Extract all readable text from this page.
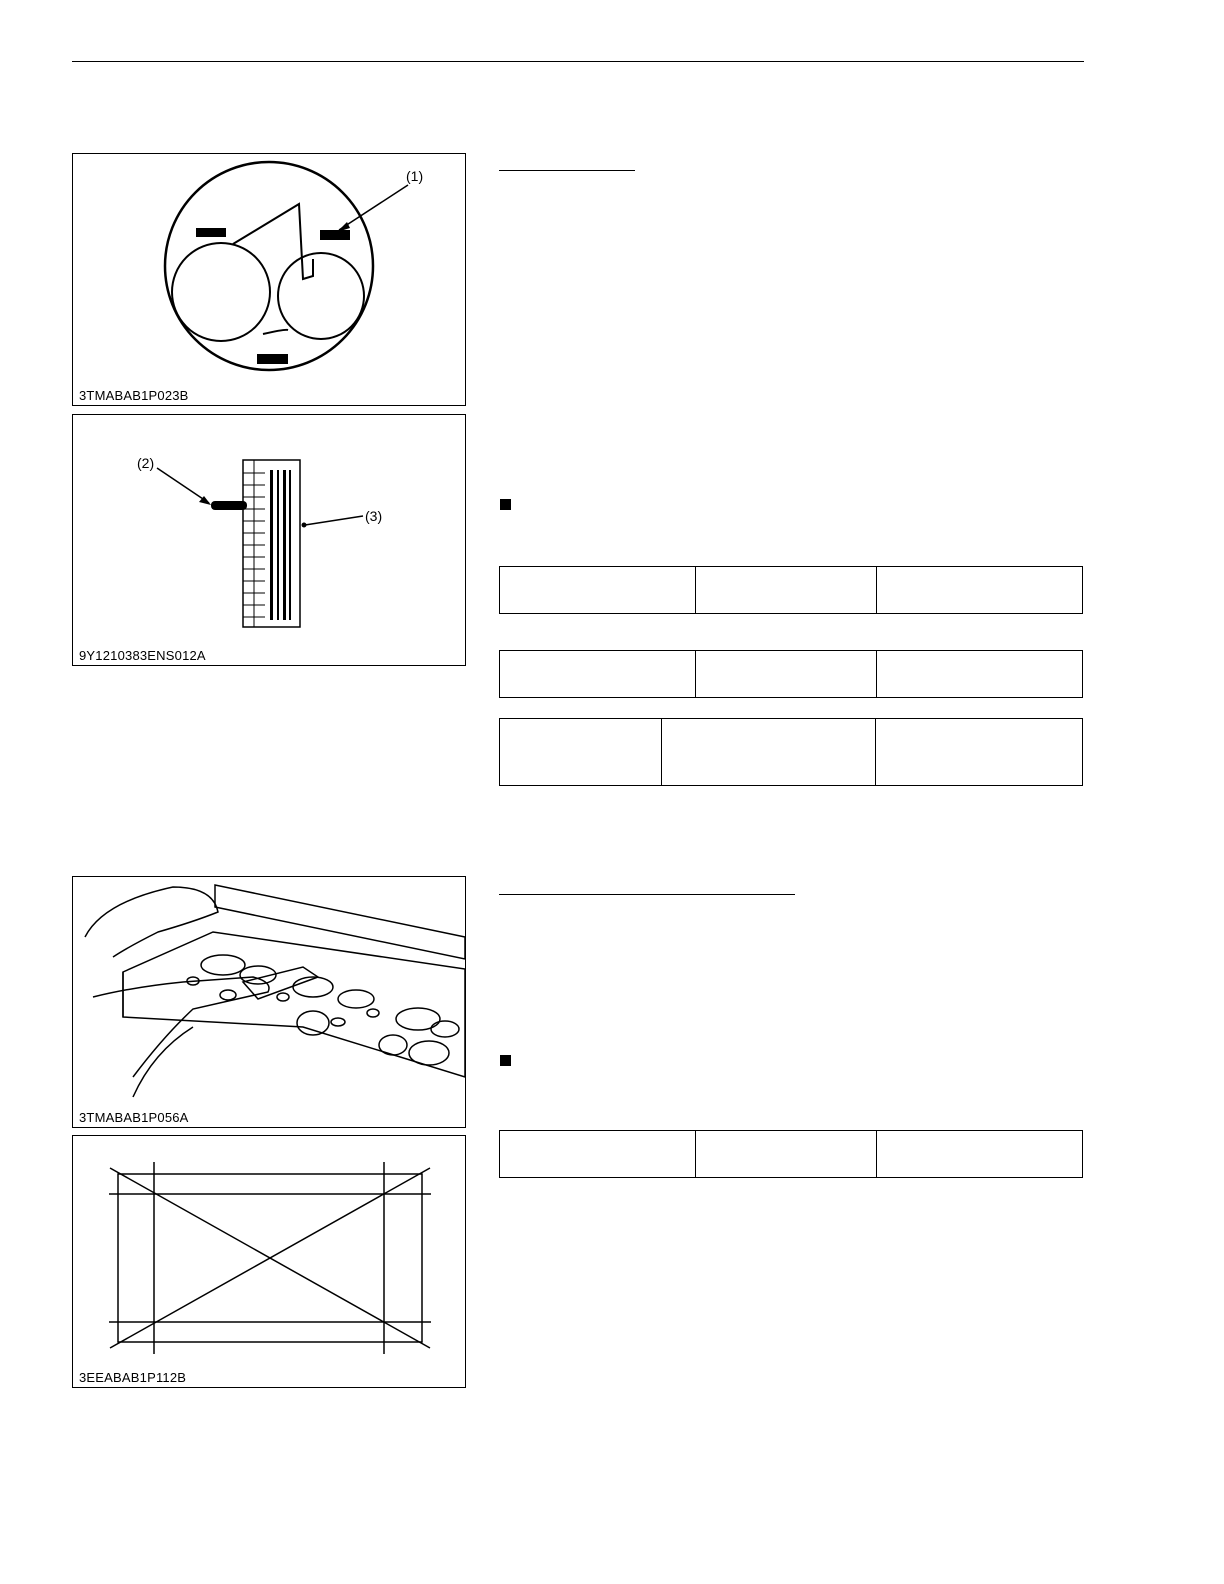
(1)
3TMABAB1P023B
(2)
(3)
9Y1210383ENS012A
3TMABAB1P056A
3EEABAB1P112B
